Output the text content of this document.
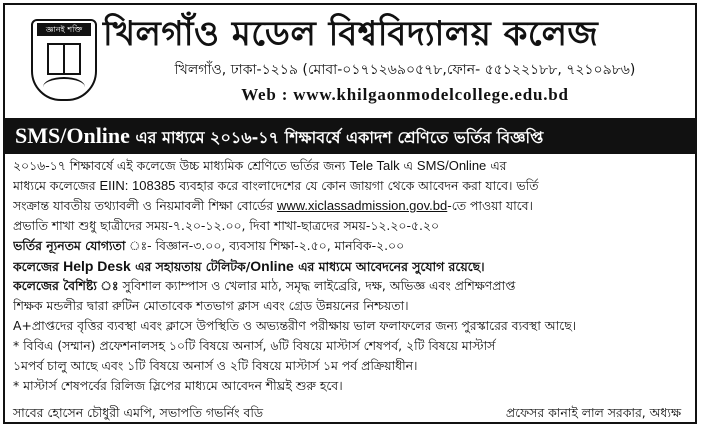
জ্ঞানই শক্তি খিলগাঁও মডেল বিশ্ববিদ্যালয় কলেজ
খিলগাঁও, ঢাকা-১২১৯ (মোবা-০১৭১২৬৯০৫৭৮,ফোন- ৫৫১২২১৮৮, ৭২১০৯৮৬)
Web : www.khilgaonmodelcollege.edu.bd
SMS/Online এর মাধ্যমে ২০১৬-১৭ শিক্ষাবর্ষে একাদশ শ্রেণিতে ভর্তির বিজ্ঞপ্তি
২০১৬-১৭ শিক্ষাবর্ষে এই কলেজে উচ্চ মাধ্যমিক শ্রেণিতে ভর্তির জন্য Tele Talk এ SMS/Online এর
মাধ্যমে কলেজের EIIN: 108385 ব্যবহার করে বাংলাদেশের যে কোন জায়গা থেকে আবেদন করা যাবে। ভর্তি
সংক্রান্ত যাবতীয় তথ্যাবলী ও নিয়মাবলী শিক্ষা বোর্ডের www.xiclassadmission.gov.bd-তে পাওয়া যাবে।
প্রভাতি শাখা শুধু ছাত্রীদের সময়-৭.২০-১২.০০, দিবা শাখা-ছাত্রদের সময়-১২.২০-৫.২০
ভর্তির ন্যূনতম যোগ্যতা ঃ- বিজ্ঞান-৩.০০, ব্যবসায় শিক্ষা-২.৫০, মানবিক-২.০০
কলেজের Help Desk এর সহায়তায় টেলিটক/Online এর মাধ্যমে আবেদনের সুযোগ রয়েছে।
কলেজের বৈশিষ্ট্য ঃ সুবিশাল ক্যাম্পাস ও খেলার মাঠ, সমৃদ্ধ লাইব্রেরি, দক্ষ, অভিজ্ঞ এবং প্রশিক্ষণপ্রাপ্ত
শিক্ষক মন্ডলীর দ্বারা রুটিন মোতাবেক শতভাগ ক্লাস এবং গ্রেড উন্নয়নের নিশ্চয়তা।
A+প্রাপ্তদের বৃত্তির ব্যবস্থা এবং ক্লাসে উপস্থিতি ও অভ্যন্তরীণ পরীক্ষায় ভাল ফলাফলের জন্য পুরস্কারের ব্যবস্থা আছে।
* বিবিএ (সম্মান) প্রফেশনালসহ ১০টি বিষয়ে অনার্স, ৬টি বিষয়ে মাস্টার্স শেষপর্ব, ২টি বিষয়ে মাস্টার্স
১মপর্ব চালু আছে এবং ১টি বিষয়ে অনার্স ও ২টি বিষয়ে মাস্টার্স ১ম পর্ব প্রক্রিয়াধীন।
* মাস্টার্স শেষপর্বের রিলিজ স্লিপের মাধ্যমে আবেদন শীঘ্রই শুরু হবে।
সাবের হোসেন চৌধুরী এমপি, সভাপতি গভর্নিং বডি	প্রফেসর কানাই লাল সরকার, অধ্যক্ষ
